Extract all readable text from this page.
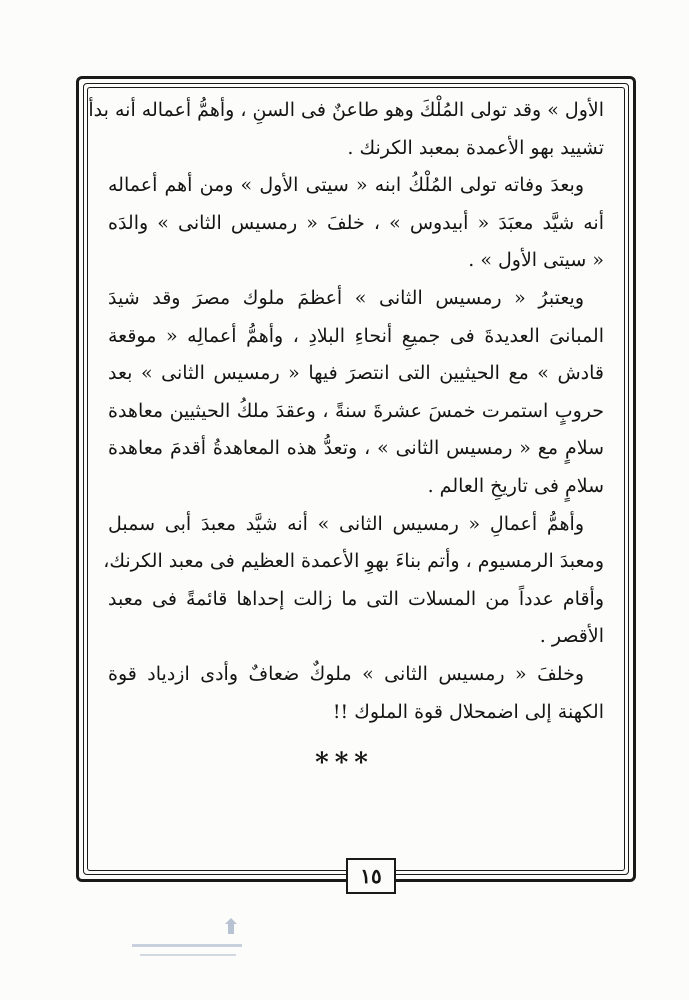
الأول » وقد تولى المُلْكَ وهو طاعنٌ فى السنِ ، وأهمُّ أعماله أنه بدأ
تشييد بهو الأعمدة بمعبد الكرنك .

وبعدَ وفاته تولى المُلْكُ ابنه « سيتى الأول » ومن أهم أعماله
أنه شيَّد معبَدَ « أبيدوس » ، خلفَ « رمسيس الثانى » والدَه
« سيتى الأول » .

ويعتبرُ « رمسيس الثانى » أعظمَ ملوك مصرَ وقد شيدَ
المبانىَ العديدةَ فى جميعِ أنحاءِ البلادِ ، وأهمُّ أعمالِه « موقعة
قادش » مع الحيثيين التى انتصرَ فيها « رمسيس الثانى » بعد
حروبٍ استمرت خمسَ عشرةَ سنةً ، وعقدَ ملكُ الحيثيين معاهدة
سلامٍ مع « رمسيس الثانى » ، وتعدُّ هذه المعاهدةُ أقدمَ معاهدة
سلامٍ فى تاريخِ العالم .

وأهمُّ أعمالِ « رمسيس الثانى » أنه شيَّد معبدَ أبى سمبل
ومعبدَ الرمسيوم ، وأتم بناءَ بهوِ الأعمدة العظيم فى معبد الكرنك،
وأقام عدداً من المسلات التى ما زالت إحداها قائمةً فى معبد
الأقصر .

وخلفَ « رمسيس الثانى » ملوكٌ ضعافٌ وأدى ازدياد قوة
الكهنة إلى اضمحلال قوة الملوك !!

***
١٥
